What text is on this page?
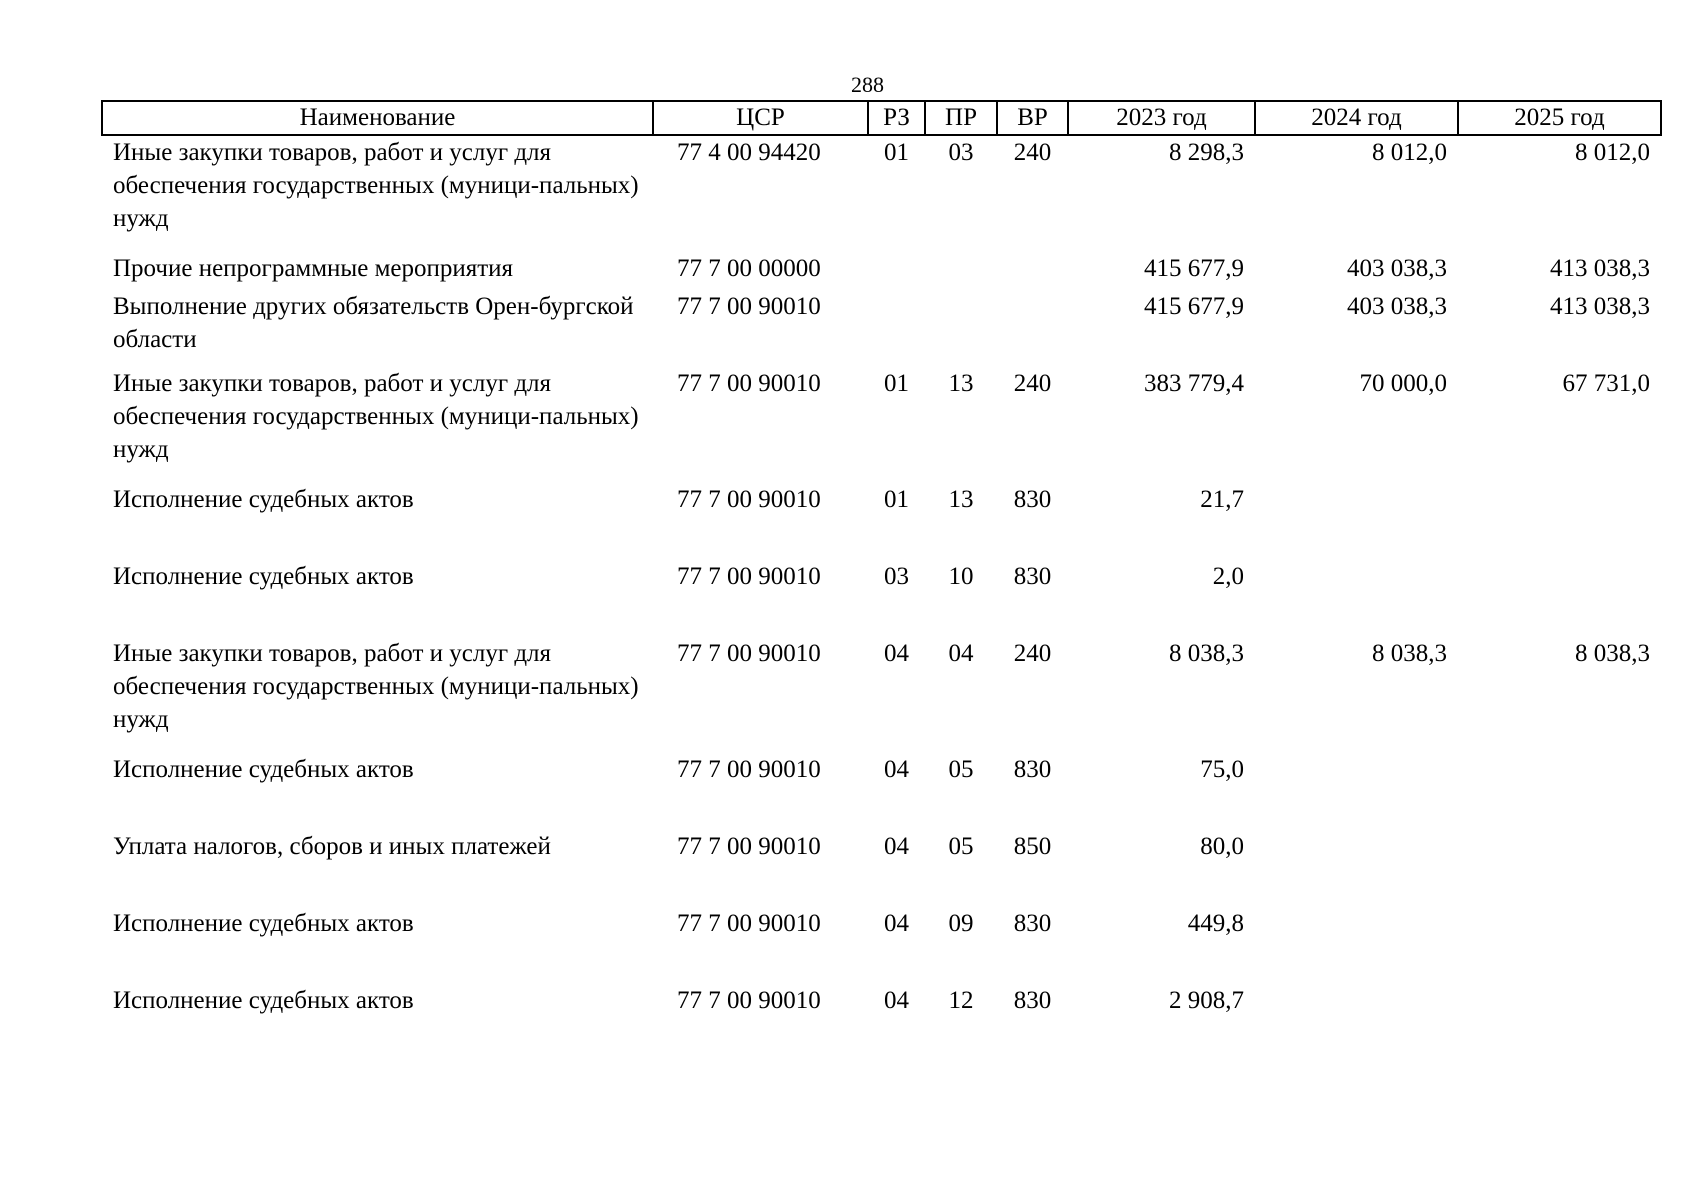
288
Наименование	ЦСР	РЗ	ПР	ВР	2023 год	2024 год	2025 год
Иные закупки товаров, работ и услуг для обеспечения государственных (муници-пальных) нужд	77 4 00 94420	01	03	240	8 298,3	8 012,0	8 012,0
Прочие непрограммные мероприятия	77 7 00 00000				415 677,9	403 038,3	413 038,3
Выполнение других обязательств Орен-бургской области	77 7 00 90010				415 677,9	403 038,3	413 038,3
Иные закупки товаров, работ и услуг для обеспечения государственных (муници-пальных) нужд	77 7 00 90010	01	13	240	383 779,4	70 000,0	67 731,0
Исполнение судебных актов	77 7 00 90010	01	13	830	21,7		
Исполнение судебных актов	77 7 00 90010	03	10	830	2,0		
Иные закупки товаров, работ и услуг для обеспечения государственных (муници-пальных) нужд	77 7 00 90010	04	04	240	8 038,3	8 038,3	8 038,3
Исполнение судебных актов	77 7 00 90010	04	05	830	75,0		
Уплата налогов, сборов и иных платежей	77 7 00 90010	04	05	850	80,0		
Исполнение судебных актов	77 7 00 90010	04	09	830	449,8		
Исполнение судебных актов	77 7 00 90010	04	12	830	2 908,7		
